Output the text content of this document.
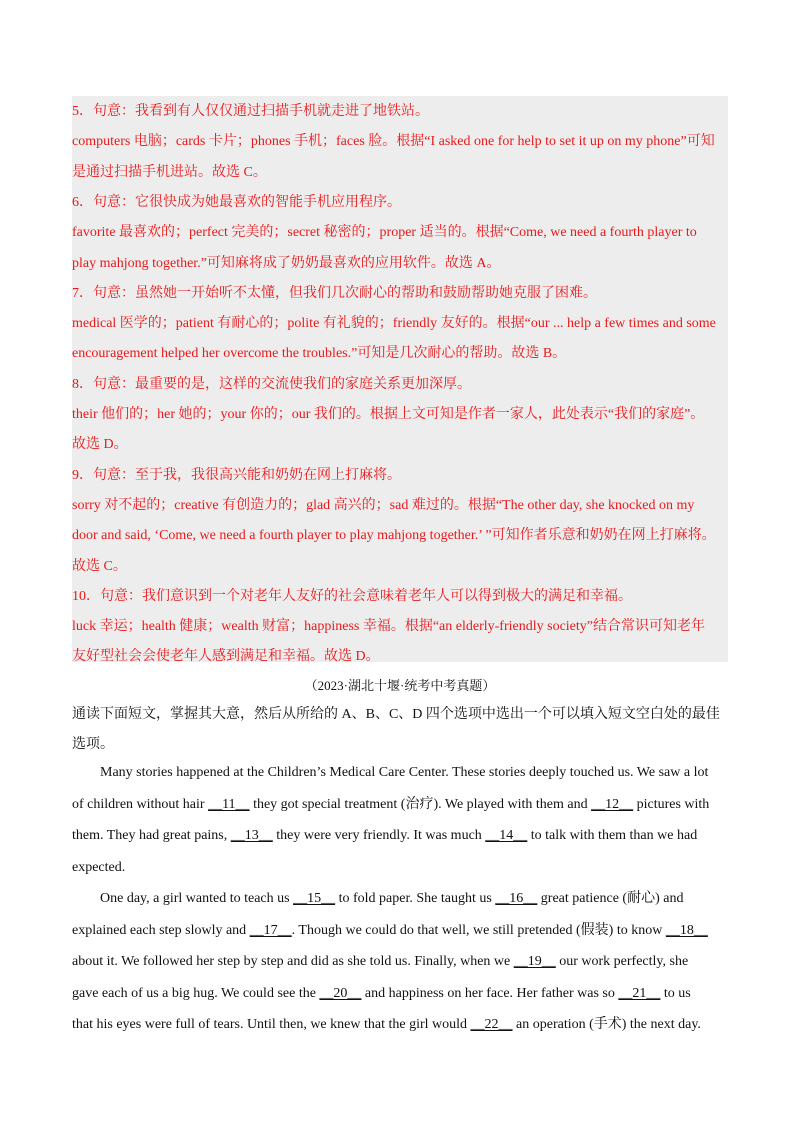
5．句意：我看到有人仅仅通过扫描手机就走进了地铁站。
computers 电脑；cards 卡片；phones 手机；faces 脸。根据“I asked one for help to set it up on my phone”可知
是通过扫描手机进站。故选 C。
6．句意：它很快成为她最喜欢的智能手机应用程序。
favorite 最喜欢的；perfect 完美的；secret 秘密的；proper 适当的。根据“Come, we need a fourth player to
play mahjong together.”可知麻将成了奶奶最喜欢的应用软件。故选 A。
7．句意：虽然她一开始听不太懂，但我们几次耐心的帮助和鼓励帮助她克服了困难。
medical 医学的；patient 有耐心的；polite 有礼貌的；friendly 友好的。根据“our ... help a few times and some
encouragement helped her overcome the troubles.”可知是几次耐心的帮助。故选 B。
8．句意：最重要的是，这样的交流使我们的家庭关系更加深厚。
their 他们的；her 她的；your 你的；our 我们的。根据上文可知是作者一家人，此处表示“我们的家庭”。
故选 D。
9．句意：至于我，我很高兴能和奶奶在网上打麻将。
sorry 对不起的；creative 有创造力的；glad 高兴的；sad 难过的。根据“The other day, she knocked on my
door and said, ‘Come, we need a fourth player to play mahjong together.’ ”可知作者乐意和奶奶在网上打麻将。
故选 C。
10．句意：我们意识到一个对老年人友好的社会意味着老年人可以得到极大的满足和幸福。
luck 幸运；health 健康；wealth 财富；happiness 幸福。根据“an elderly-friendly society”结合常识可知老年
友好型社会会使老年人感到满足和幸福。故选 D。
（2023·湖北十堰·统考中考真题）
通读下面短文，掌握其大意，然后从所给的 A、B、C、D 四个选项中选出一个可以填入短文空白处的最佳
选项。
Many stories happened at the Children’s Medical Care Center. These stories deeply touched us. We saw a lot
of children without hair __11__ they got special treatment (治疗). We played with them and __12__ pictures with
them. They had great pains, __13__ they were very friendly. It was much __14__ to talk with them than we had
expected.
One day, a girl wanted to teach us __15__ to fold paper. She taught us __16__ great patience (耐心) and
explained each step slowly and __17__. Though we could do that well, we still pretended (假装) to know __18__
about it. We followed her step by step and did as she told us. Finally, when we __19__ our work perfectly, she
gave each of us a big hug. We could see the __20__ and happiness on her face. Her father was so __21__ to us
that his eyes were full of tears. Until then, we knew that the girl would __22__ an operation (手术) the next day.
